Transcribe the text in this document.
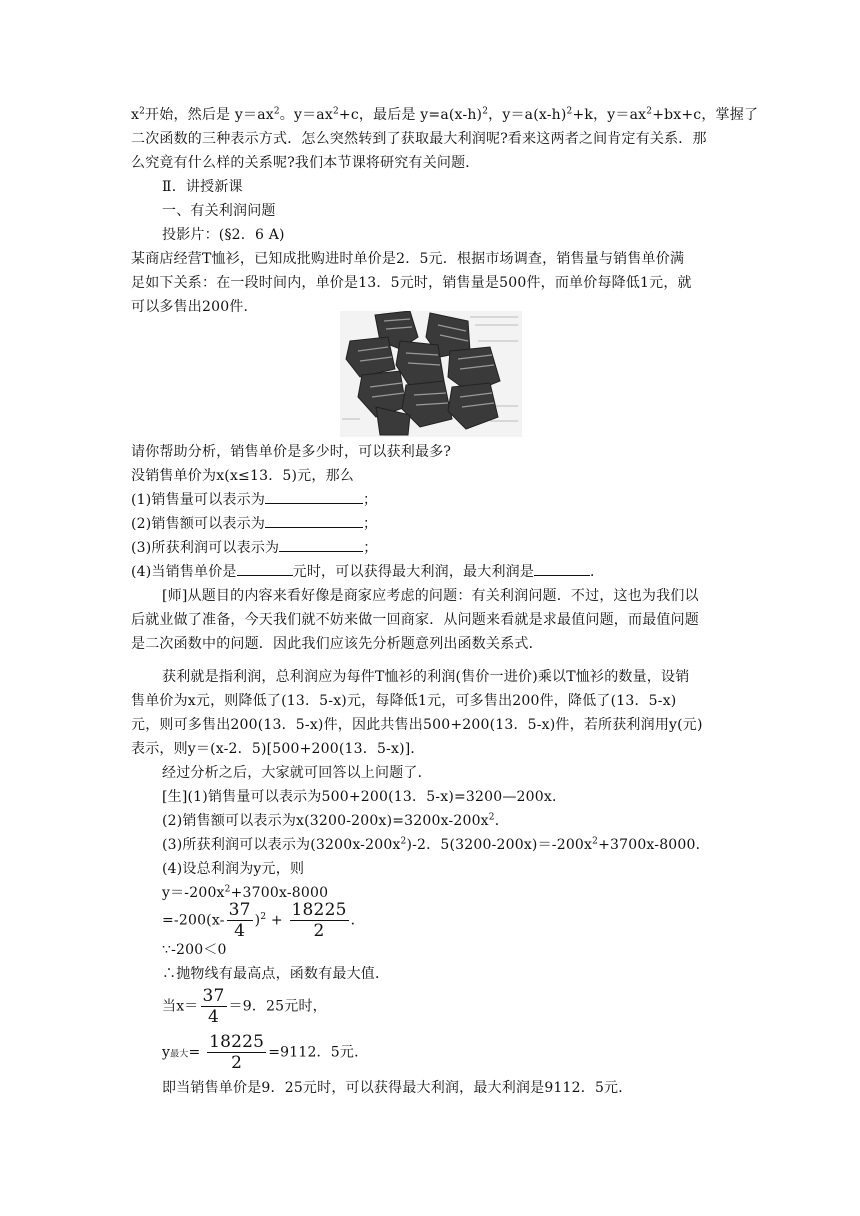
$x^2$开始，然后是 $y=ax^2$。$y=ax^2+c$，最后是 $y=a(x-h)^2$，$y=a(x-h)^2+k$，$y=ax^2+bx+c$，掌握了
二次函数的三种表示方式．怎么突然转到了获取最大利润呢?看来这两者之间肯定有关系．那
么究竟有什么样的关系呢?我们本节课将研究有关问题．
Ⅱ．讲授新课
一、有关利润问题
投影片：(§2．6 A)
某商店经营T恤衫，已知成批购进时单价是2．5元．根据市场调查，销售量与销售单价满
足如下关系：在一段时间内，单价是13．5元时，销售量是500件，而单价每降低1元，就
可以多售出200件．
请你帮助分析，销售单价是多少时，可以获利最多?
没销售单价为x(x≤13．5)元，那么
(1)销售量可以表示为	；
(2)销售额可以表示为	；
(3)所获利润可以表示为	；
(4)当销售单价是	元时，可以获得最大利润，最大利润是	．
[师]从题目的内容来看好像是商家应考虑的问题：有关利润问题．不过，这也为我们以
后就业做了准备，今天我们就不妨来做一回商家．从问题来看就是求最值问题，而最值问题
是二次函数中的问题．因此我们应该先分析题意列出函数关系式．
获利就是指利润，总利润应为每件T恤衫的利润(售价一进价)乘以T恤衫的数量，设销
售单价为x元，则降低了(13．5-x)元，每降低1元，可多售出200件，降低了(13．5-x)
元，则可多售出200(13．5-x)件，因此共售出500+200(13．5-x)件，若所获利润用y(元)
表示，则y＝(x-2．5)[500+200(13．5-x)]．
经过分析之后，大家就可回答以上问题了．
[生](1)销售量可以表示为500+200(13．5-x)=3200—200x．
(2)销售额可以表示为$x(3200-200x)=3200x-200x^2$．
(3)所获利润可以表示为$(3200x-200x^2)-2$．$5(3200-200x)=-200x^2+3700x-8000$．
(4)设总利润为y元，则
$y=-200x^2+3700x-8000$
$=-200(x- \frac{37}{4} )^2 + \frac{18225}{2}$ ．
∵-200＜0
∴抛物线有最高点，函数有最大值．
当$x= \frac{37}{4} =9$．25元时，
y最大= $\frac{18225}{2} =9112$．5元．
即当销售单价是9．25元时，可以获得最大利润，最大利润是9112．5元．
